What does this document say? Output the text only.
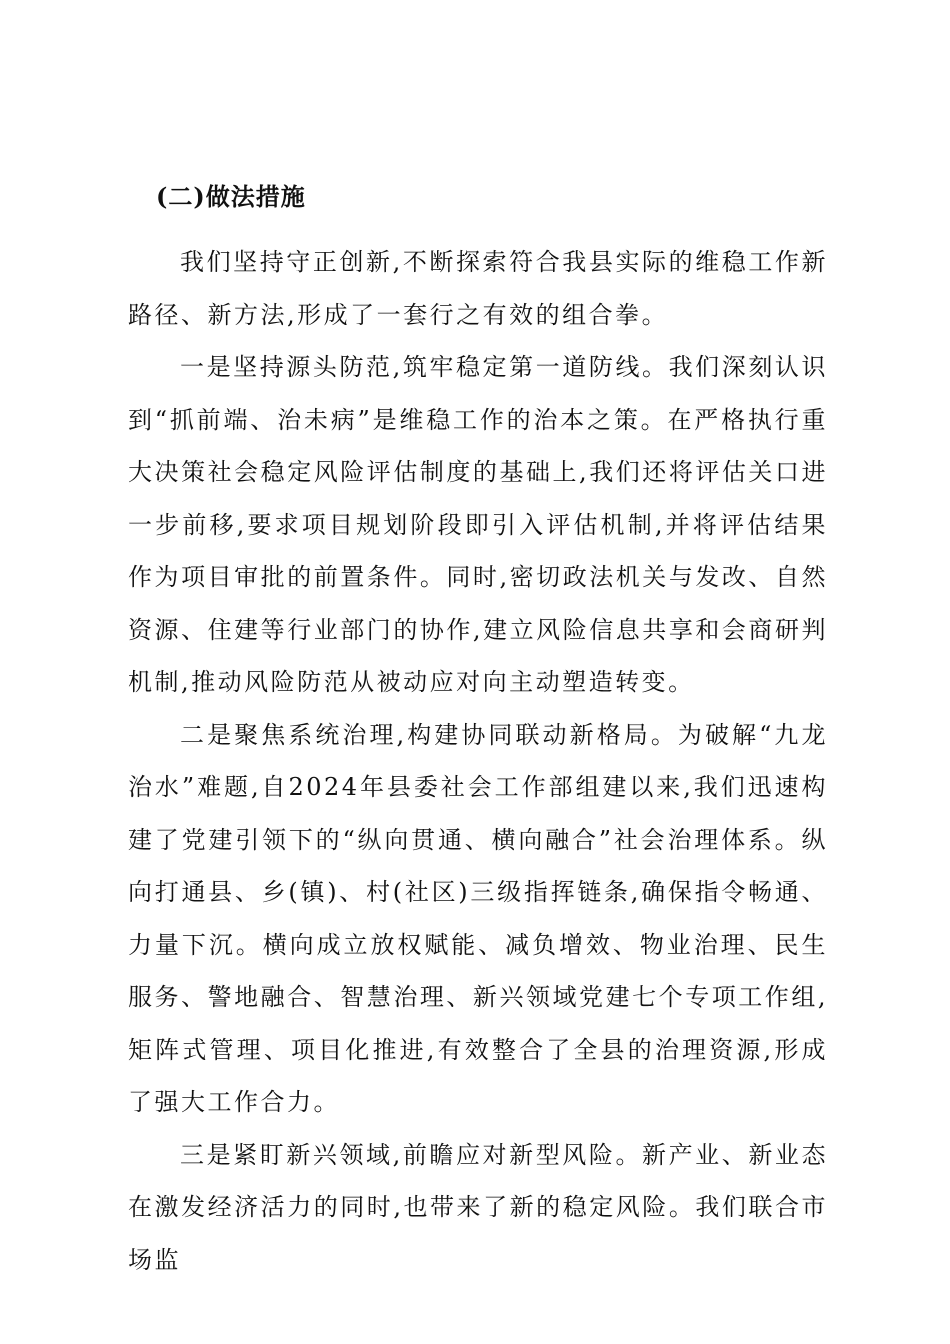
(二)做法措施

我们坚持守正创新,不断探索符合我县实际的维稳工作新路径、新方法,形成了一套行之有效的组合拳。

一是坚持源头防范,筑牢稳定第一道防线。我们深刻认识到“抓前端、治未病”是维稳工作的治本之策。在严格执行重大决策社会稳定风险评估制度的基础上,我们还将评估关口进一步前移,要求项目规划阶段即引入评估机制,并将评估结果作为项目审批的前置条件。同时,密切政法机关与发改、自然资源、住建等行业部门的协作,建立风险信息共享和会商研判机制,推动风险防范从被动应对向主动塑造转变。

二是聚焦系统治理,构建协同联动新格局。为破解“九龙治水”难题,自2024年县委社会工作部组建以来,我们迅速构建了党建引领下的“纵向贯通、横向融合”社会治理体系。纵向打通县、乡(镇)、村(社区)三级指挥链条,确保指令畅通、力量下沉。横向成立放权赋能、减负增效、物业治理、民生服务、警地融合、智慧治理、新兴领域党建七个专项工作组,矩阵式管理、项目化推进,有效整合了全县的治理资源,形成了强大工作合力。

三是紧盯新兴领域,前瞻应对新型风险。新产业、新业态在激发经济活力的同时,也带来了新的稳定风险。我们联合市场监
